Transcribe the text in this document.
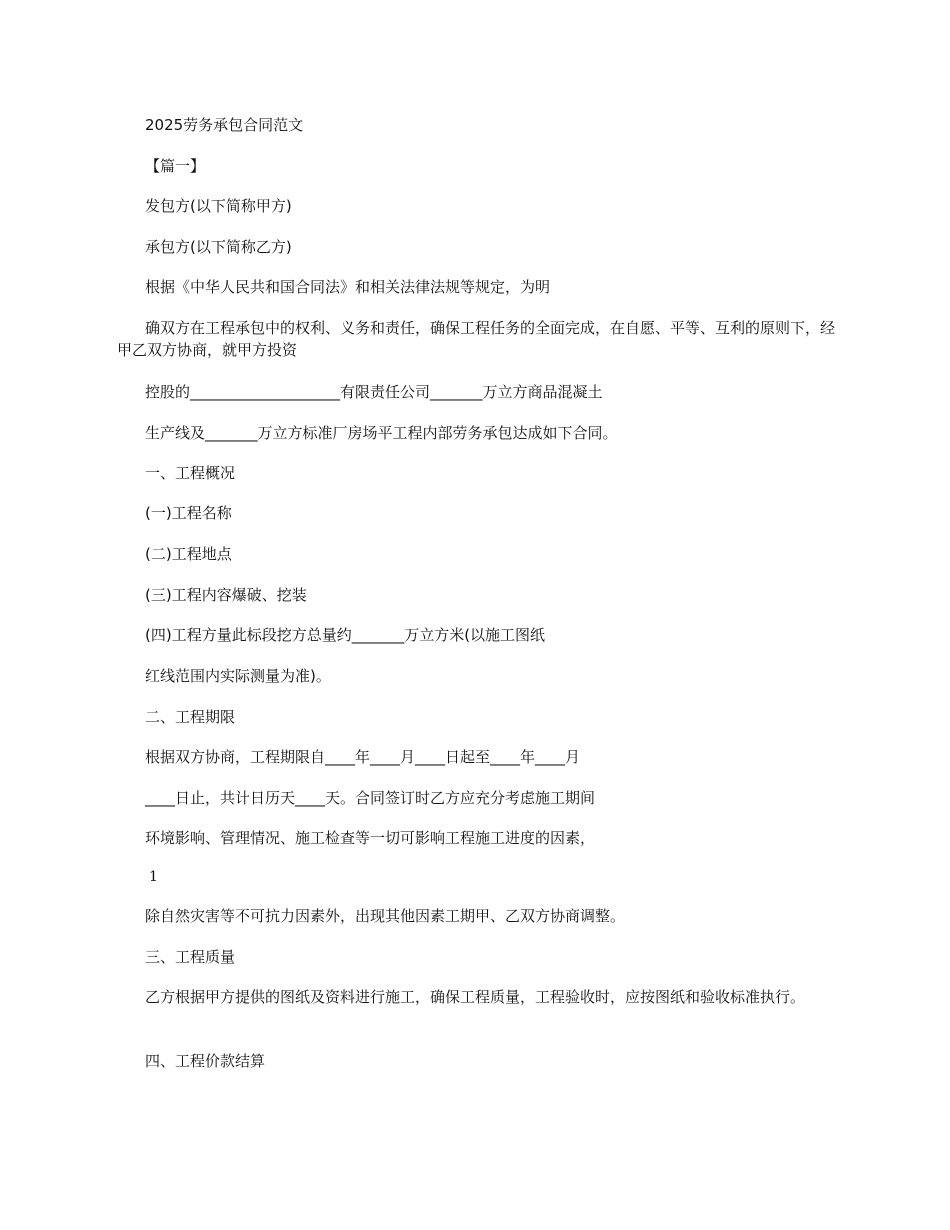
2025劳务承包合同范文
【篇一】
发包方(以下简称甲方)
承包方(以下简称乙方)
根据《中华人民共和国合同法》和相关法律法规等规定，为明
确双方在工程承包中的权利、义务和责任，确保工程任务的全面完成，在自愿、平等、互利的原则下，经甲乙双方协商，就甲方投资
控股的____________________有限责任公司_______万立方商品混凝土
生产线及_______万立方标准厂房场平工程内部劳务承包达成如下合同。
一、工程概况
(一)工程名称
(二)工程地点
(三)工程内容爆破、挖装
(四)工程方量此标段挖方总量约_______万立方米(以施工图纸
红线范围内实际测量为准)。
二、工程期限
根据双方协商，工程期限自____年____月____日起至____年____月
____日止，共计日历天____天。合同签订时乙方应充分考虑施工期间
环境影响、管理情况、施工检查等一切可影响工程施工进度的因素，
1
除自然灾害等不可抗力因素外，出现其他因素工期甲、乙双方协商调整。
三、工程质量
乙方根据甲方提供的图纸及资料进行施工，确保工程质量，工程验收时，应按图纸和验收标准执行。
四、工程价款结算
